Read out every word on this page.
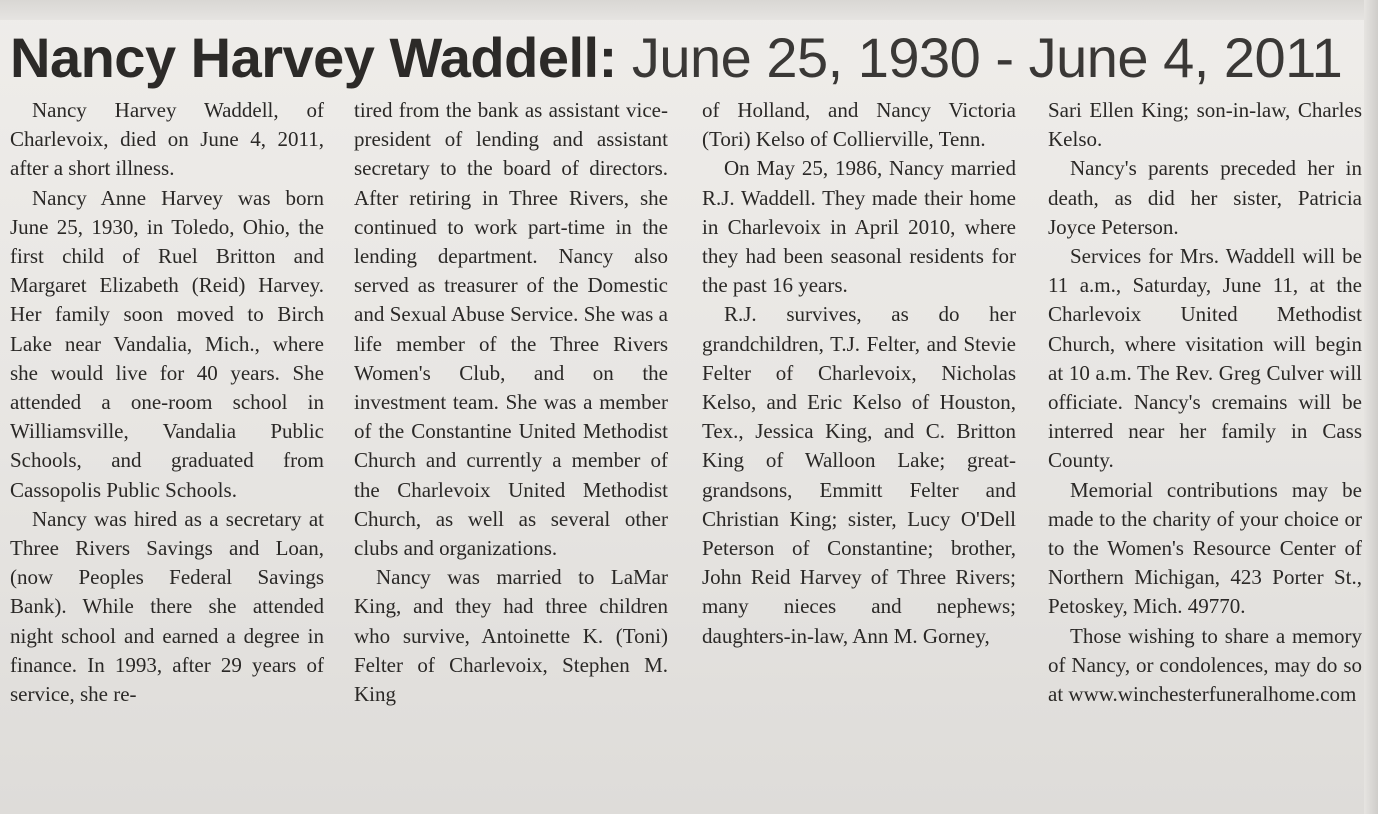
Nancy Harvey Waddell: June 25, 1930 - June 4, 2011

Nancy Harvey Waddell, of Charlevoix, died on June 4, 2011, after a short illness.

Nancy Anne Harvey was born June 25, 1930, in Toledo, Ohio, the first child of Ruel Britton and Margaret Elizabeth (Reid) Harvey. Her family soon moved to Birch Lake near Vandalia, Mich., where she would live for 40 years. She attended a one-room school in Williamsville, Vandalia Public Schools, and graduated from Cassopolis Public Schools.

Nancy was hired as a secretary at Three Rivers Savings and Loan, (now Peoples Federal Savings Bank). While there she attended night school and earned a degree in finance. In 1993, after 29 years of service, she re-

tired from the bank as assistant vice-president of lending and assistant secretary to the board of directors. After retiring in Three Rivers, she continued to work part-time in the lending department. Nancy also served as treasurer of the Domestic and Sexual Abuse Service. She was a life member of the Three Rivers Women's Club, and on the investment team. She was a member of the Constantine United Methodist Church and currently a member of the Charlevoix United Methodist Church, as well as several other clubs and organizations.

Nancy was married to LaMar King, and they had three children who survive, Antoinette K. (Toni) Felter of Charlevoix, Stephen M. King

of Holland, and Nancy Victoria (Tori) Kelso of Collierville, Tenn.

On May 25, 1986, Nancy married R.J. Waddell. They made their home in Charlevoix in April 2010, where they had been seasonal residents for the past 16 years.

R.J. survives, as do her grandchildren, T.J. Felter, and Stevie Felter of Charlevoix, Nicholas Kelso, and Eric Kelso of Houston, Tex., Jessica King, and C. Britton King of Walloon Lake; great-grandsons, Emmitt Felter and Christian King; sister, Lucy O'Dell Peterson of Constantine; brother, John Reid Harvey of Three Rivers; many nieces and nephews; daughters-in-law, Ann M. Gorney,

Sari Ellen King; son-in-law, Charles Kelso.

Nancy's parents preceded her in death, as did her sister, Patricia Joyce Peterson.

Services for Mrs. Waddell will be 11 a.m., Saturday, June 11, at the Charlevoix United Methodist Church, where visitation will begin at 10 a.m. The Rev. Greg Culver will officiate. Nancy's cremains will be interred near her family in Cass County.

Memorial contributions may be made to the charity of your choice or to the Women's Resource Center of Northern Michigan, 423 Porter St., Petoskey, Mich. 49770.

Those wishing to share a memory of Nancy, or condolences, may do so at www.winchesterfuneralhome.com
